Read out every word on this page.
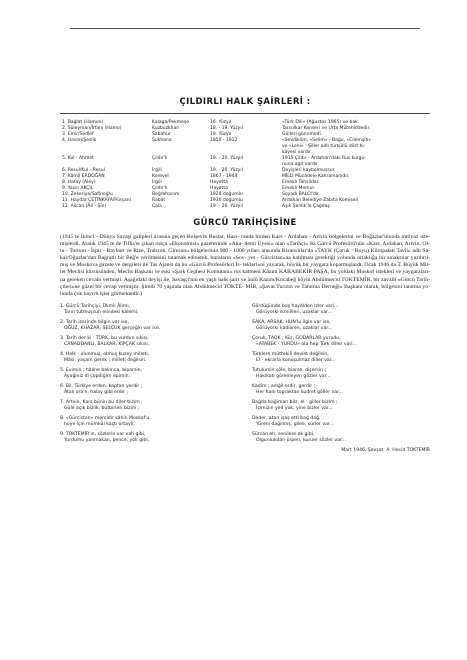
ÇILDIRLI HALK ŞAİRLERİ :
1. Bağlat (Hamon)	Kalaga/Pekmeşe	16. Yüzyıl	«Türk Dili» (Ağustos 1965) ve bak.
2. Süleyman/İrfani (Hamo)	Kuzbuzkhan	18. - 19. Yüzyıl	Tarsulkar Konseri ve Urta Mütehiddedir.
3. Emir/Sedlef	Sabahur	19. Yüzyıl	Gülleri gönnmedi.
4. Hasan/Şeslik	Sukhana	1850 - 1912	«Sevdiklim, «Selim» - Bağu, «Cilemşih»
			ve «Leni» - Şiller adlı türküllü dört hi-
			kâyesi vardır.
5. Kul - Ahmet	Çıldır'lı	19. - 20. Yüzyıl	1915 Çıldır - Ardahan'daki Rus kurgu-
			nuna agıt vardır.
6. Resul/Kul - Resul	İrgili	19. - 20. Yüzyıl	Deyişleri kaybolmuşsur.
7. Kâmil ERDOĞAN	Korevel	1867 - 1944	MİLLİ Mücadele Kahramanıdır.
8. Hafay (Aley)	İrgili	Hayatta	Emekli Tahsildar.
9. Yasin AKÇİL	Çıldır'lı	Hayatta	Emekli Memur.
10. Zekeriya/Safinoğlu	Beğrehanım	1924 doğumlu	Soyadı BALCI'dır.
11. Haydar ÇETİNKAYA/Pürşani	Rabat	1930 doğumlu	Ardahan Belediye Zabıta Komiseri
12. Alican (Âlî - Şîn)	Cala	19. - 20. Yüzyıl	Aşık Şenlik'le Çağdaş.
GÜRCÜ TARİHÇİSİNE

(1945 te İkinci - Dünya Savaşı galipleri arasına geçen Bolşevik Ruslar, Hazi- randa birden Kars - Ardahan - Artvin bölgelerini ve Boğazlar'ımızda imtiyaz iste- mişlerdi. Aralık 1945 te de Tiflis'te çıkan rusça «Ekonomist» gazetesinde «Aka- demi Üyesi» olan «Tarihçi» iki Gürcü Profesörü'nün «Kars, Ardahan, Artvin, Ol- tu - Tortum - İspir - Bayburt ve Rize, Trabzon, Giresun» bölgelerinin 900 - 1000 yılları arasında Bizanslılar'da «TAYK (Çoruk - Boyu) Küropalati Tavli» adlı Sa- kal/Oğuzlar'dan Bagratlı bir Beğ'e verilmesini tutamak edinerek, buraların «Sov- yet - Gürcistan»na katılması gerektiği yolunda ortaklığa bir sınaksılar yazdırıl- mış ve Moskova gazete ve dergileri ile Tas Ajansı da bu «Gürcü Profesörleri İs- tekleri»ni yayarak, büyük bir yaygara koparmışlardı. Ocak 1946 da T. Büyük Mil- let Meclisi kürsüsünden, Meclis Başkanı ve eski «Şark Cephesi Komutanı» rus katmeni Kâzım KARABEKİR PAŞA, bu yoldaki Moskof istekleri ve yaygaraları- na gereken cevabı vermişti. Aşağıdaki deyişi ile, Savaşçı'nın en yaşlı halk şairi ve ünlü Kazım/Kocabeğ köylü Abdülmecid TOKTEMİR, bir zavallı «Gürcü Tarih- çileri»ne güzel bir cevap vermiştir. Şimdi 70 yaşında olan Abdülmecid TOKTE- MİR, «Şavat Turizm ve Tanıtma Derneği» Başkanı olarak, bölgesini tanıtma yo- lunda çok hayırlı işler görmektedir.)

1. Gürcü Tarihçiyi, Ükmil Âlimi,
Tarın tutmuşsun elindeki kalemi,
2. Tarih izerinde bilgin var ise,
OĞUZ, KHAZAR, SELÇUK gerçeğin var ise,
3. Tarih der ki : TÜRK, bu vurdun sıkısı,
CANADDANLI, BALKAR, KIPÇAK sıkısı,
4. Halk - olunmuş, olmuş kuzey milleti,
Mâsi, yaşam gerek ; milleti değilsin.
5. Evimin ; hâline bakınca, biparsin,
Ayağiniz di çopdiğim epimin.
6. Bil, Türklye erden, kaptan yerdir ;
Atalı ora'n, halay gibi erdir ;
7. Artvin, Kars bünin bu diler bizim ;
Güle açık bizlik, bütbirleri bizim ;
8. «Gürcistan» mercidir sâhin Moskof'u,
hoye için mümkül kaçtı ortaylı,
9. TOKTEMİR'in, sözlerin var vah gibi,
Yurdumu yanmakan, bence, yok gibi,
Gördüğünde boş hayâlden izler vari...
Görüyorki ikmilîleri, uzaklar var...
SAKA, ARSAK, HUN'lu ilgin var ise,
Görüyorki kadiliren, uzaklar var...
Çoruk, TAOK ; Kür, GODARLAR yurudu,
«ATABEK - YURDU» ola hep Türk diller vari...
Türklere müttekili devlet değilsin,
El - ekrarla konuşulmaz diller var...
Tutulursin söle, biarse, dişersin ;
Hakikati görenleyen gözler var...
Kadim ; adığil erdir, gerdir ;
Her hanı topraktan kudret göller var...
Bağda bağiman bilz, el - giller bizim ;
İçimizin yed yok, yine bizler var...
Deder, atan işaş etti bağ dağ,
Yüreni dağılmış, gilee, sürler var...
Sürcan eh, senilere ok gibi,
Olgunlukdan ürpen, kuruer sözler var...
Mart 1946, Şavşat. A. Hecid TOKTEMİR
